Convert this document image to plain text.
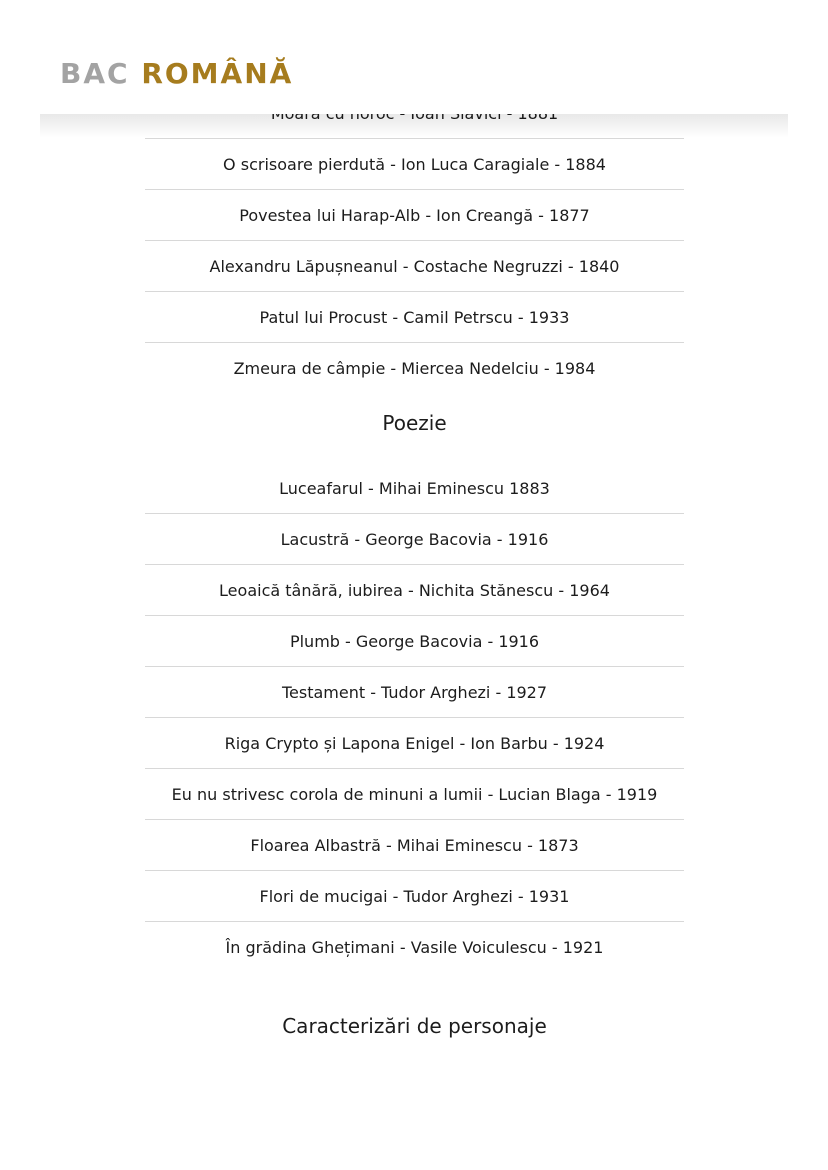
BAC ROMÂNĂ
O scrisoare pierdută - Ion Luca Caragiale - 1884
Povestea lui Harap-Alb - Ion Creangă - 1877
Alexandru Lăpușneanul - Costache Negruzzi - 1840
Patul lui Procust - Camil Petrscu - 1933
Zmeura de câmpie - Miercea Nedelciu - 1984
Poezie
Luceafarul - Mihai Eminescu 1883
Lacustră - George Bacovia - 1916
Leoaică tânără, iubirea - Nichita Stănescu - 1964
Plumb - George Bacovia - 1916
Testament - Tudor Arghezi - 1927
Riga Crypto și Lapona Enigel - Ion Barbu - 1924
Eu nu strivesc corola de minuni a lumii - Lucian Blaga - 1919
Floarea Albastră - Mihai Eminescu - 1873
Flori de mucigai - Tudor Arghezi - 1931
În grădina Ghețimani - Vasile Voiculescu - 1921
Caracterizări de personaje
